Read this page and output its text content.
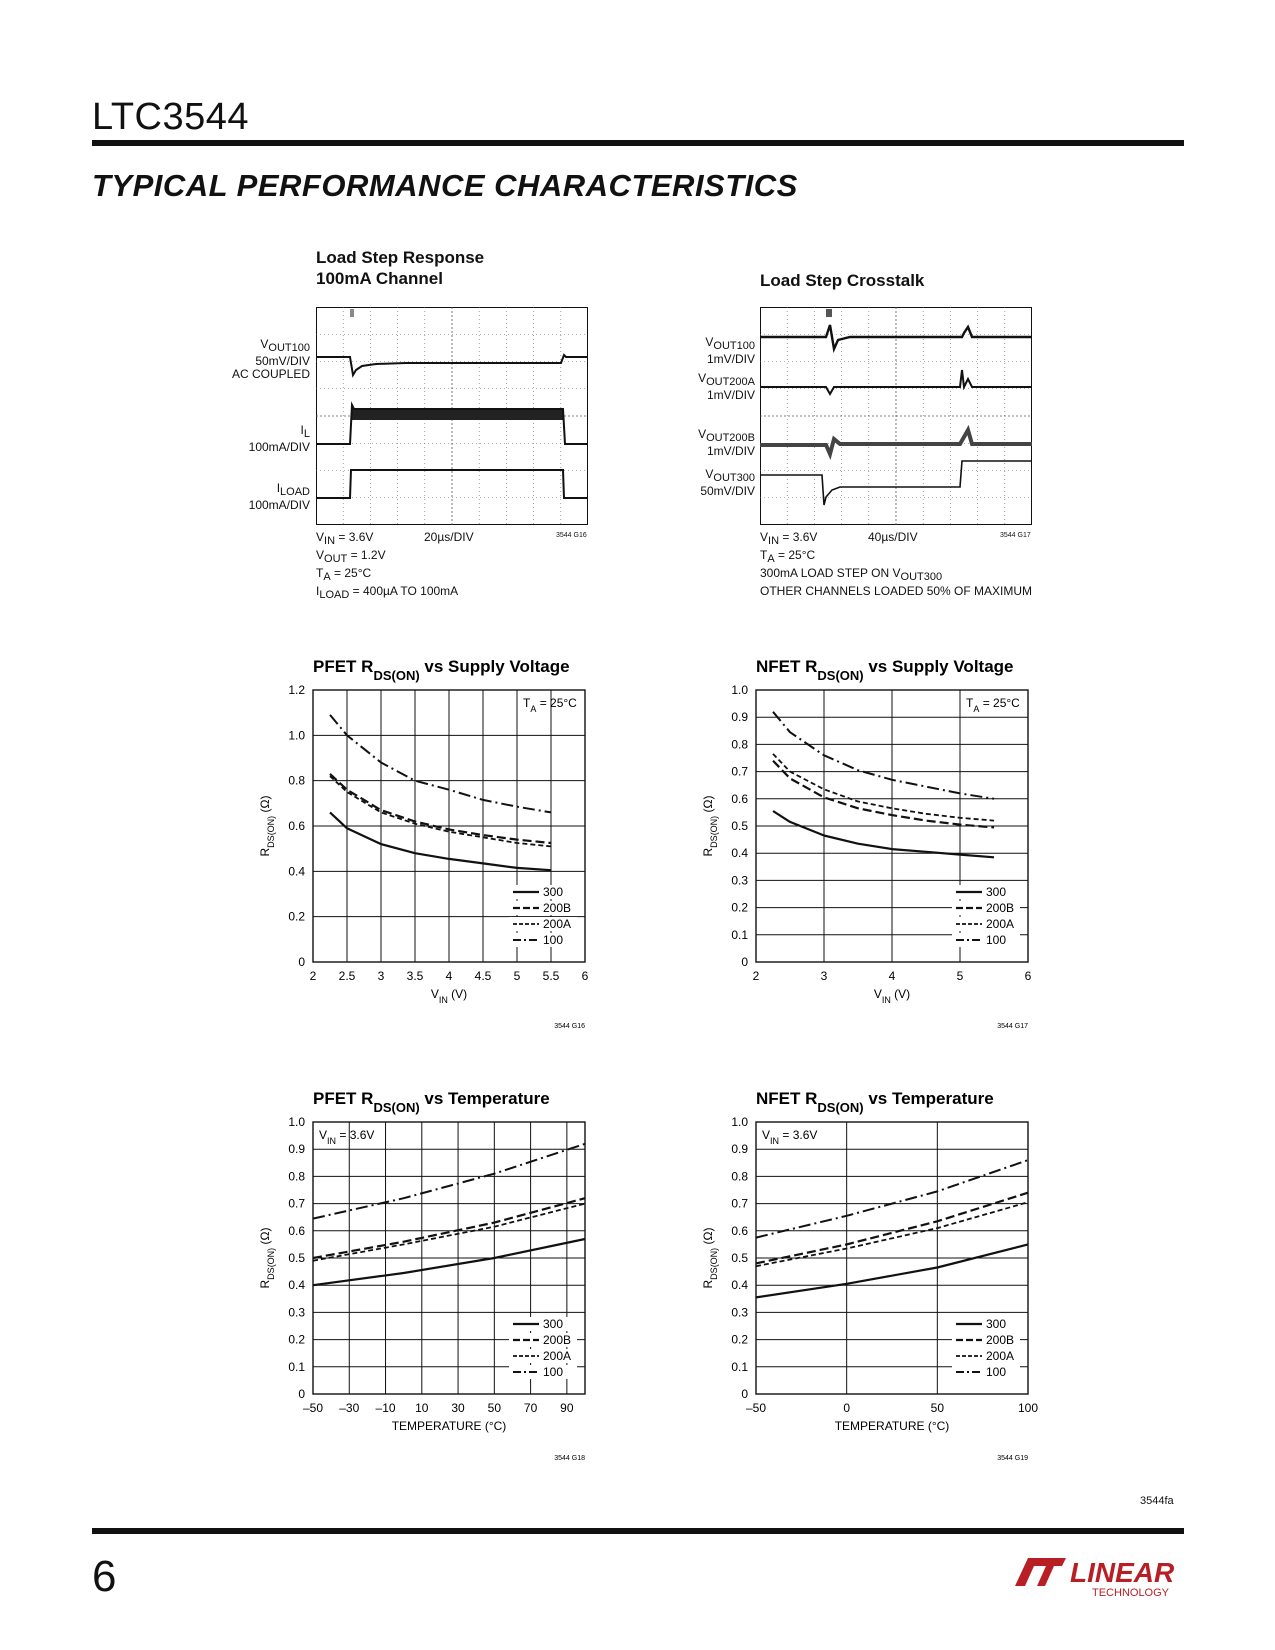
LTC3544
TYPICAL PERFORMANCE CHARACTERISTICS
Load Step Response
100mA Channel
VOUT100
50mV/DIV
AC COUPLED
IL
100mA/DIV
ILOAD
100mA/DIV
VIN = 3.6V
VOUT = 1.2V
TA = 25°C
ILOAD = 400µA TO 100mA
20µs/DIV	3544 G16
Load Step Crosstalk
VOUT100
1mV/DIV
VOUT200A
1mV/DIV
VOUT200B
1mV/DIV
VOUT300
50mV/DIV
VIN = 3.6V
TA = 25°C
300mA LOAD STEP ON VOUT300
OTHER CHANNELS LOADED 50% OF MAXIMUM
40µs/DIV	3544 G17
PFET $R_{DS(ON)}$ vs Supply Voltage
2 2.5 3 3.5 4 4.5 5 5.5 6
0
0.2
0.4
0.6
0.8
1.0
1.2
$V_{IN}$ (V)
$R_{DS(ON)}$ (Ω)
$T_A = 25^\circ C$
300
200B
200A
100
3544 G16
NFET $R_{DS(ON)}$ vs Supply Voltage
2	3	4	5	6
0
0.1
0.2
0.3
0.4
0.5
0.6
0.7
0.8
0.9
1.0
$V_{IN}$ (V)
$R_{DS(ON)}$ (Ω)
$T_A = 25^\circ C$
300
200B
200A
100
3544 G17
PFET $R_{DS(ON)}$ vs Temperature
–50 –30 –10 10 30 50 70 90
0
0.1
0.2
0.3
0.4
0.5
0.6
0.7
0.8
0.9
1.0
TEMPERATURE (°C)
$R_{DS(ON)}$ (Ω)
$V_{IN} = 3.6V$
300
200B
200A
100
3544 G18
NFET $R_{DS(ON)}$ vs Temperature
–50	0	50	100
0
0.1
0.2
0.3
0.4
0.5
0.6
0.7
0.8
0.9
1.0
TEMPERATURE (°C)
$R_{DS(ON)}$ (Ω)
$V_{IN} = 3.6V$
300
200B
200A
100
3544 G19
3544fa
6	LINEAR
TECHNOLOGY
